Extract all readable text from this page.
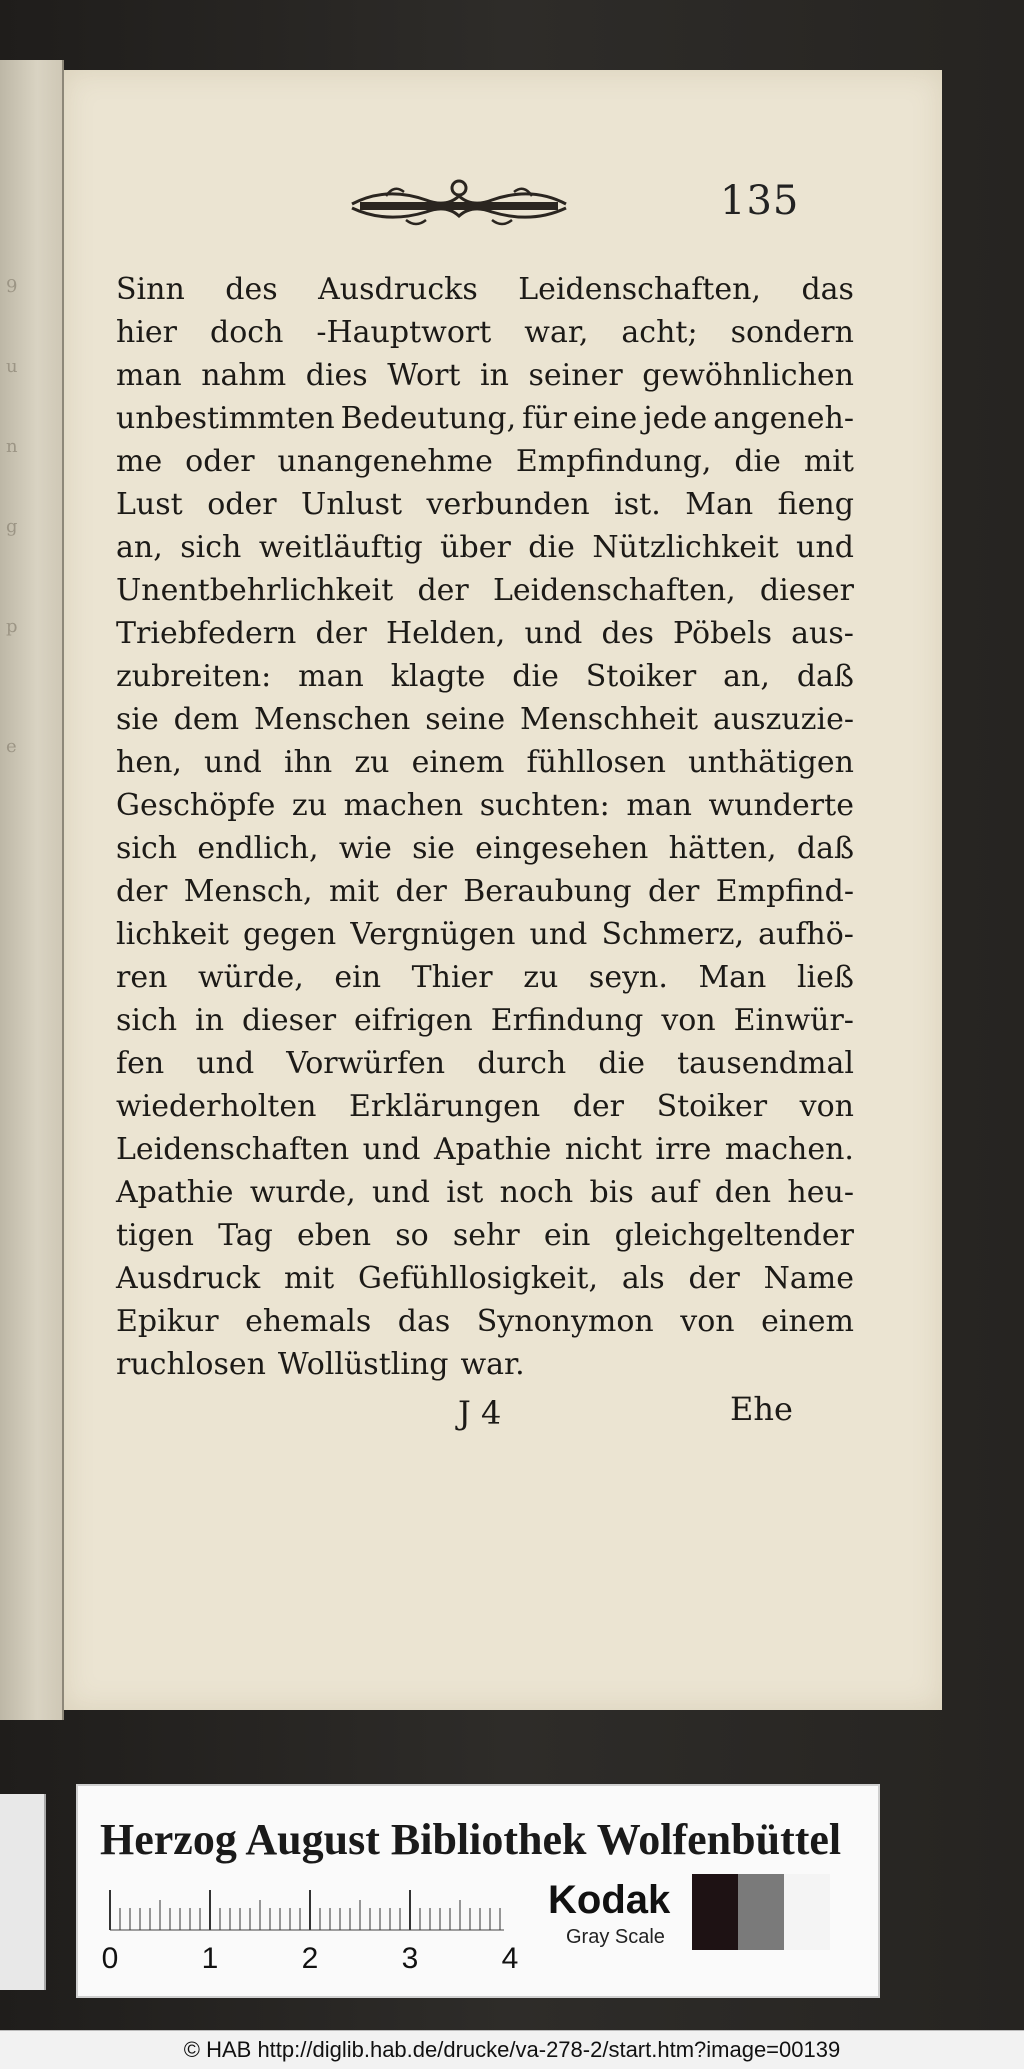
9
u
n
g
p
e
135
Sinn des Ausdrucks Leidenschaften, das
hier doch -Hauptwort war, acht; sondern
man nahm dies Wort in seiner gewöhnlichen
unbestimmten Bedeutung, für eine jede angeneh-
me oder unangenehme Empfindung, die mit
Lust oder Unlust verbunden ist. Man fieng
an, sich weitläuftig über die Nützlichkeit und
Unentbehrlichkeit der Leidenschaften, dieser
Triebfedern der Helden, und des Pöbels aus-
zubreiten: man klagte die Stoiker an, daß
sie dem Menschen seine Menschheit auszuzie-
hen, und ihn zu einem fühllosen unthätigen
Geschöpfe zu machen suchten: man wunderte
sich endlich, wie sie eingesehen hätten, daß
der Mensch, mit der Beraubung der Empfind-
lichkeit gegen Vergnügen und Schmerz, aufhö-
ren würde, ein Thier zu seyn. Man ließ
sich in dieser eifrigen Erfindung von Einwür-
fen und Vorwürfen durch die tausendmal
wiederholten Erklärungen der Stoiker von
Leidenschaften und Apathie nicht irre machen.
Apathie wurde, und ist noch bis auf den heu-
tigen Tag eben so sehr ein gleichgeltender
Ausdruck mit Gefühllosigkeit, als der Name
Epikur ehemals das Synonymon von einem
ruchlosen Wollüstling war.
J 4	Ehe
Herzog August Bibliothek Wolfenbüttel
0	1	2	3	4
Kodak
Gray Scale
© HAB http://diglib.hab.de/drucke/va-278-2/start.htm?image=00139
